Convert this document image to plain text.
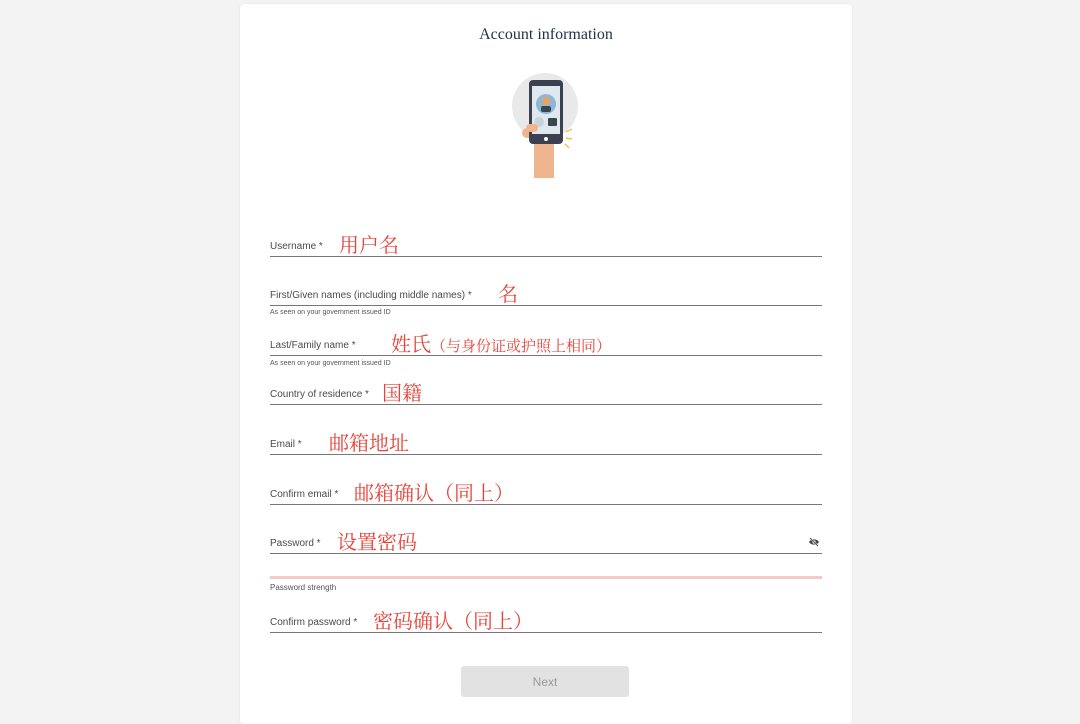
Account information
Username * 用户名
First/Given names (including middle names) * 名
As seen on your government issued ID
Last/Family name * 姓氏（与身份证或护照上相同）
As seen on your government issued ID
Country of residence * 国籍
Email * 邮箱地址
Confirm email * 邮箱确认（同上）
Password * 设置密码
Password strength
Confirm password * 密码确认（同上）
Next
